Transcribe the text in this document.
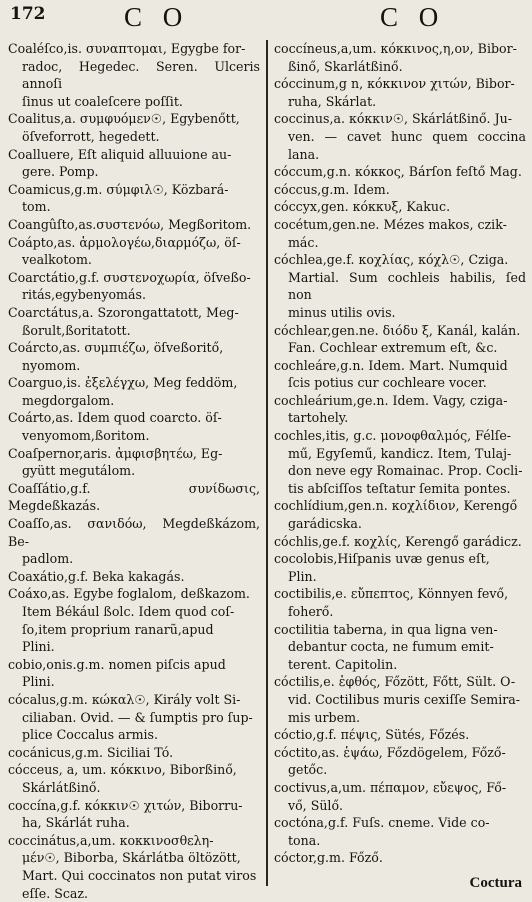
172	C O	C O
Coaléſco,is. συναπτομαι, Egygbe for-
radoc, Hegedec. Seren. Ulceris annoſi
ſinus ut coaleſcere poſſit.
Coalitus,a. συμφυόμεν☉, Egybenőtt,
öſveforrott, hegedett.
Coalluere, Eſt aliquid alluuione au-
gere. Pomp.
Coamicus,g.m. σύμφιλ☉, Közbará-
tom.
Coangûſto,as.συστενόω, Megßoritom.
Coápto,as. ἁρμολογέω,διαρμόζω, öſ-
vealkotom.
Coarctátio,g.f. συστενοχωρία, öſveßo-
ritás,egybenyomás.
Coarctátus,a. Szorongattatott, Meg-
ßorult,ßoritatott.
Coárcto,as. συμπιέζω, öſveßoritő,
nyomom.
Coarguo,is. ἐξελέγχω, Meg feddöm,
megdorgalom.
Coárto,as. Idem quod coarcto. öſ-
venyomom,ßoritom.
Coaſpernor,aris. ἀμφισβητέω, Eg-
gyütt megutálom.
Coaſſátio,g.f. συνίδωσις, Megdeßkazás.
Coaſſo,as. σανιδόω, Megdeßkázom, Be-
padlom.
Coaxátio,g.f. Beka kakagás.
Coáxo,as. Egybe foglalom, deßkazom.
Item Békául ßolc. Idem quod coſ-
ſo,item proprium ranarũ,apud
Plini.
cobio,onis.g.m. nomen piſcis apud
Plini.
cócalus,g.m. κώκαλ☉, Király volt Si-
ciliaban. Ovid. — & ſumptis pro ſup-
plice Coccalus armis.
cocánicus,g.m. Siciliai Tó.
cócceus, a, um. κόκκινο, Biborßinő,
Skárlátßinő.
coccína,g.f. κόκκιν☉ χιτών, Biborru-
ha, Skárlát ruha.
coccinátus,a,um. κοκκινοσθελη-
μέν☉, Biborba, Skárlátba öltözött,
Mart. Qui coccinatos non putat viros
eſſe. Scaz.
coccíneus,a,um. κόκκινος,η,ον, Bibor-
ßinő, Skarlátßinő.
cóccinum,g n, κόκκινον χιτών, Bibor-
ruha, Skárlat.
coccinus,a. κόκκιν☉, Skárlátßinő. Ju-
ven. — cavet hunc quem coccina lana.
cóccum,g.n. κόκκος, Bárſon feſtő Mag.
cóccus,g.m. Idem.
cóccyx,gen. κόκκυξ, Kakuc.
cocétum,gen.ne. Mézes makos, czik-
mác.
cóchlea,ge.f. κοχλίας, κόχλ☉, Cziga.
Martial. Sum cochleis habilis, ſed non
minus utilis ovis.
cóchlear,gen.ne. διόδυ ξ, Kanál, kalán.
Fan. Cochlear extremum eſt, &c.
cochleáre,g.n. Idem. Mart. Numquid
ſcis potius cur cochleare vocer.
cochleárium,ge.n. Idem. Vagy, cziga-
tartohely.
cochles,itis, g.c. μονοφθαλμός, Félſe-
mű, Egyſemű, kandicz. Item, Tulaj-
don neve egy Romainac. Prop. Cocli-
tis abſciſſos teſtatur ſemita pontes.
cochlídium,gen.n. κοχλίδιον, Kerengő
garádicska.
cóchlis,ge.f. κοχλίς, Kerengő garádicz.
cocolobis,Hiſpanis uvæ genus eſt,
Plin.
coctibilis,e. εὔπεπτος, Könnyen fevő,
foherő.
coctilitia taberna, in qua ligna ven-
debantur cocta, ne fumum emit-
terent. Capitolin.
cóctilis,e. ἑφθός, Főzött, Főtt, Sült. O-
vid. Coctilibus muris cexiſſe Semira-
mis urbem.
cóctio,g.f. πέψις, Sütés, Főzés.
cóctito,as. ἑψάω, Főzdögelem, Főző-
getőc.
coctivus,a,um. πέπαμον, εὔεψος, Fő-
vő, Sülő.
coctóna,g.f. Fuſs. cneme. Vide co-
tona.
cóctor,g.m. Főző.
Coctura
